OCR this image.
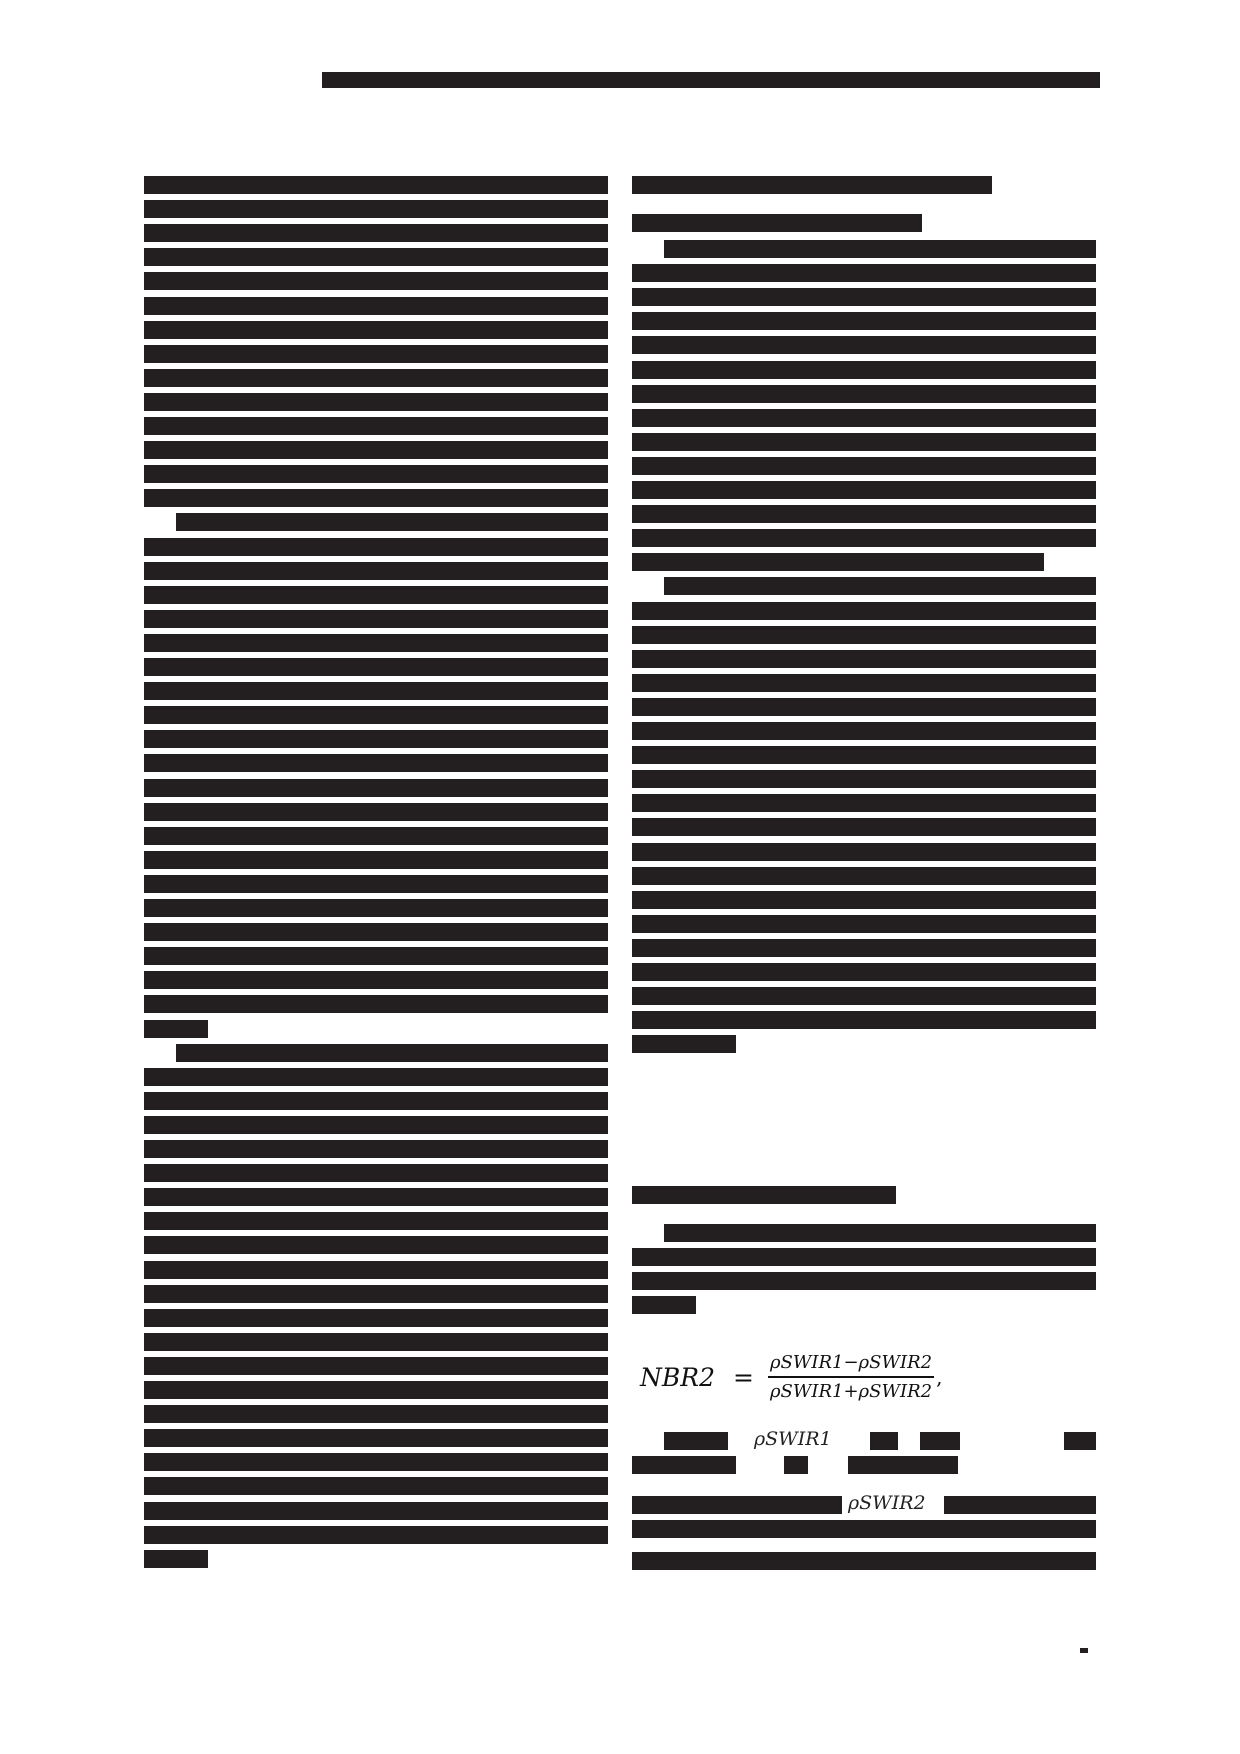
$NBR2 = \frac{\text{ρSWIR1−ρSWIR2}}{\text{ρSWIR1+ρSWIR2}}$ ,
ρSWIR1
ρSWIR2
